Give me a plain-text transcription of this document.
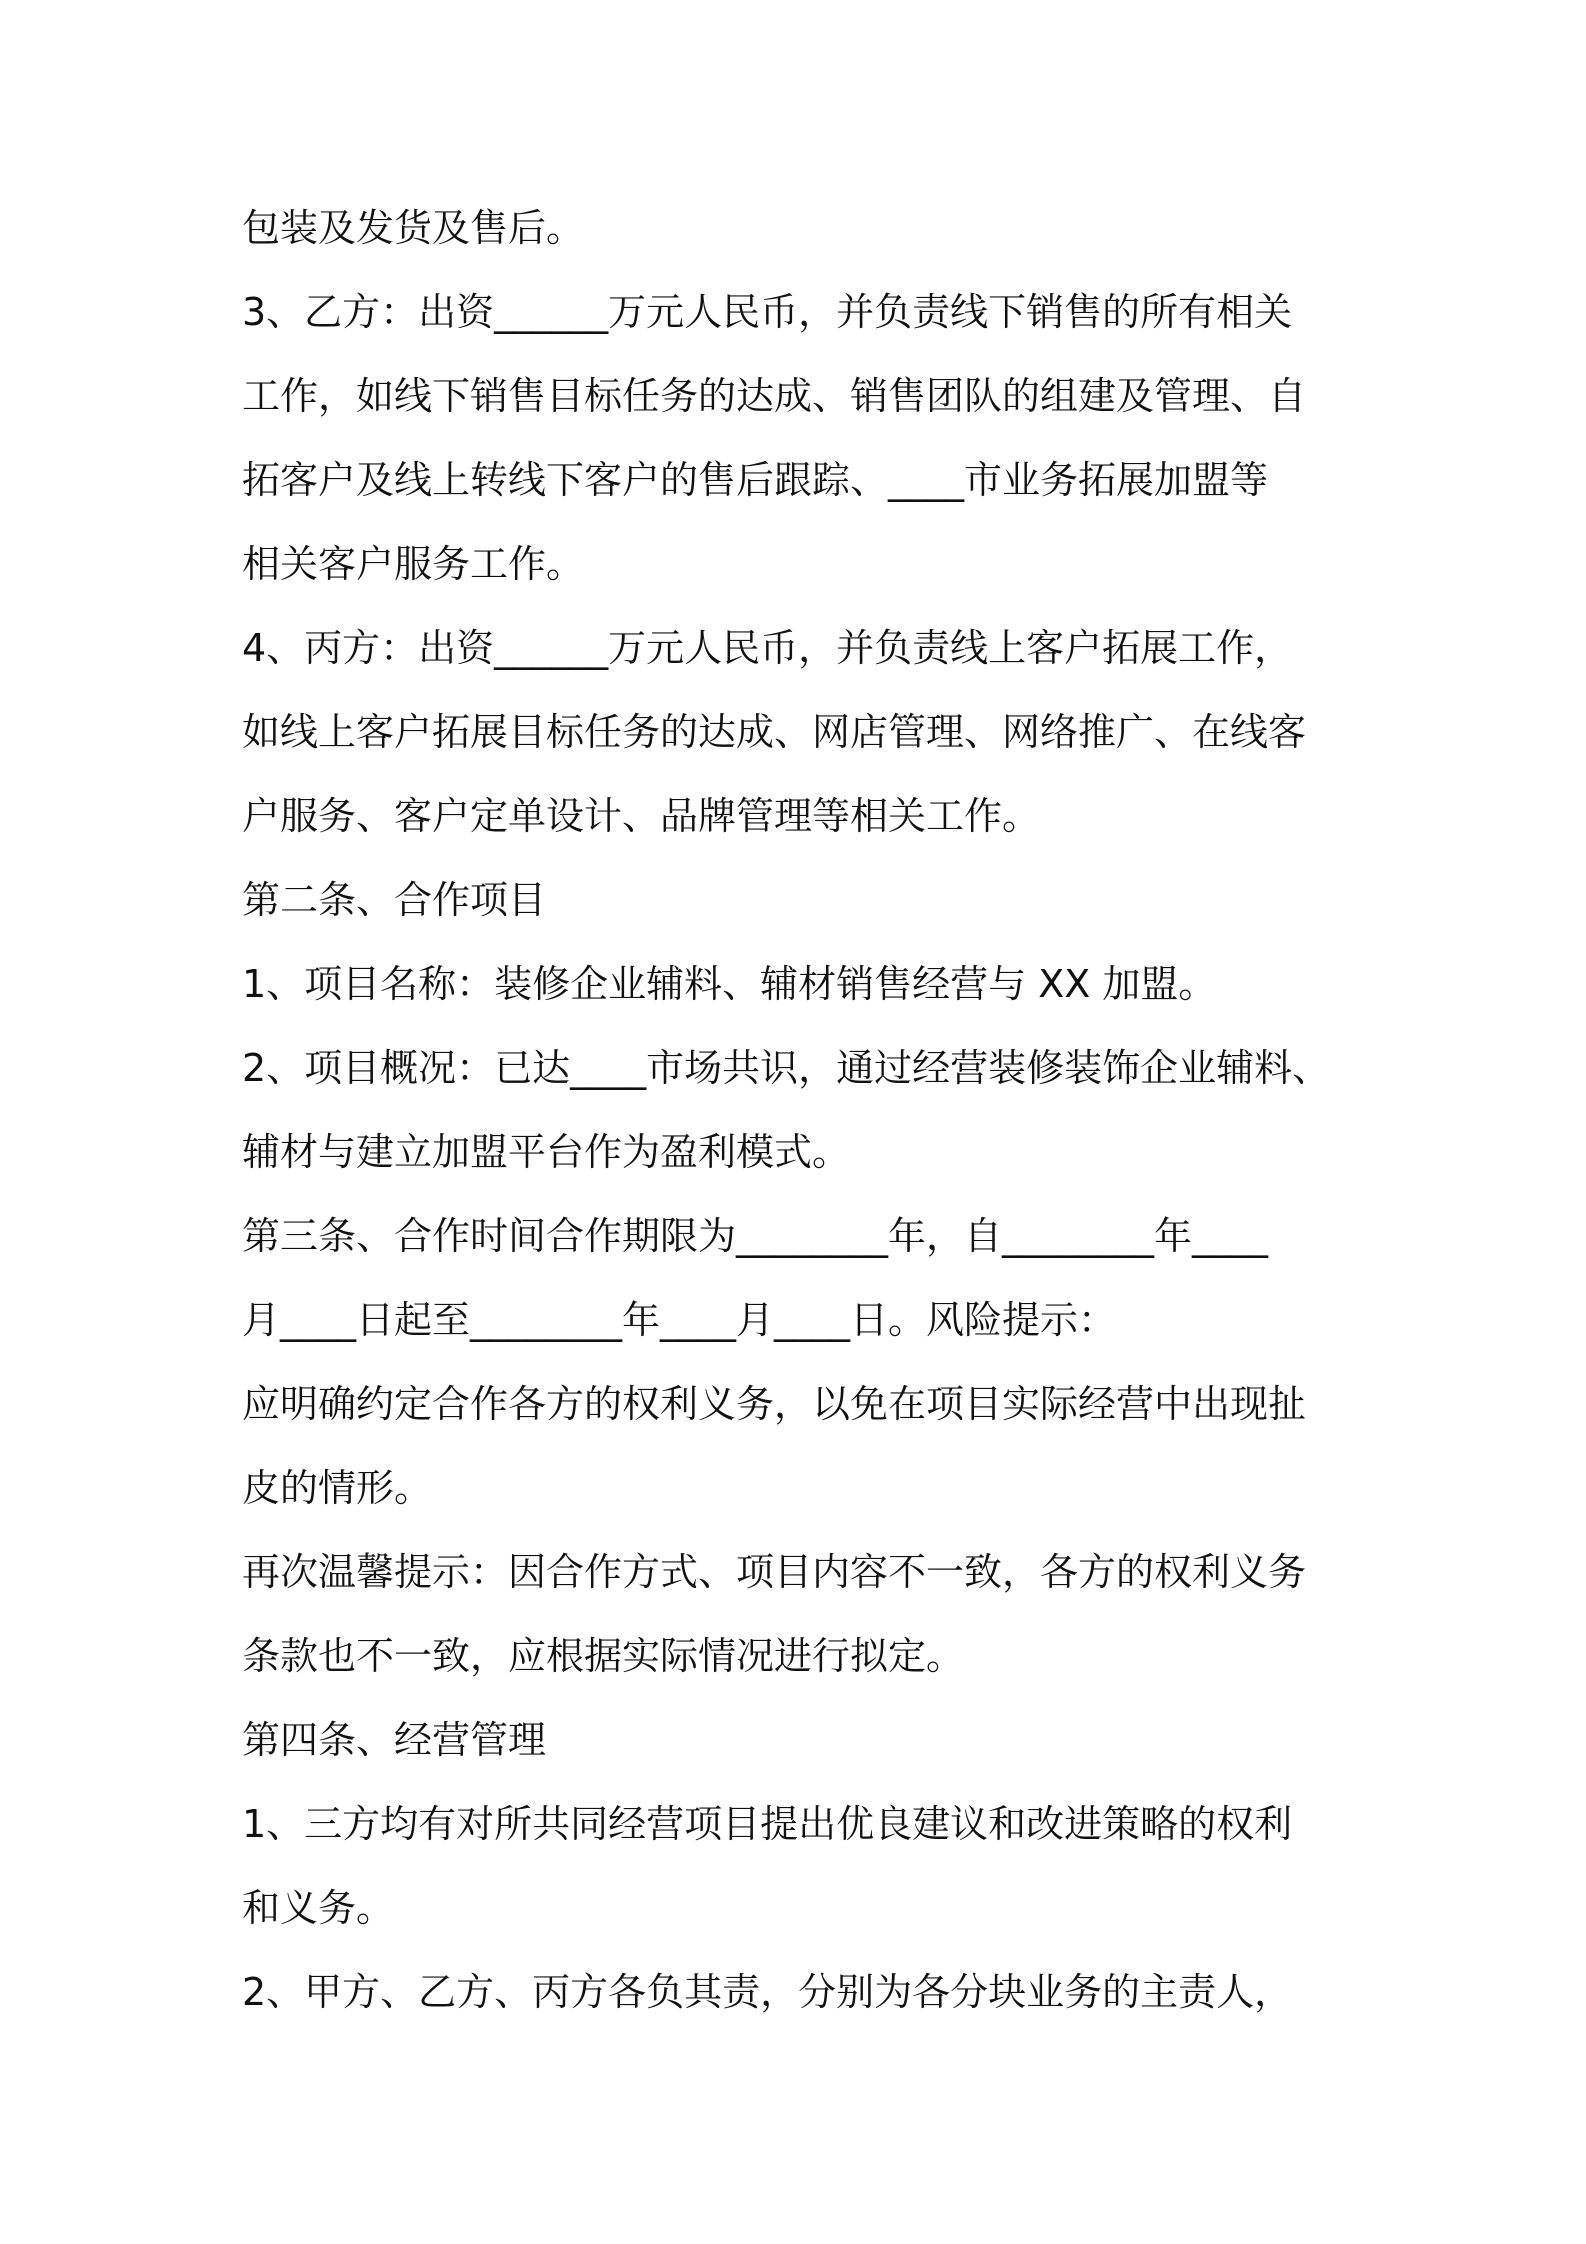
包装及发货及售后。

3、乙方：出资______万元人民币，并负责线下销售的所有相关

工作，如线下销售目标任务的达成、销售团队的组建及管理、自

拓客户及线上转线下客户的售后跟踪、____市业务拓展加盟等

相关客户服务工作。

4、丙方：出资______万元人民币，并负责线上客户拓展工作，

如线上客户拓展目标任务的达成、网店管理、网络推广、在线客

户服务、客户定单设计、品牌管理等相关工作。

第二条、合作项目

1、项目名称：装修企业辅料、辅材销售经营与 XX 加盟。

2、项目概况：已达____市场共识，通过经营装修装饰企业辅料、

辅材与建立加盟平台作为盈利模式。

第三条、合作时间合作期限为________年，自________年____

月____日起至________年____月____日。风险提示：

应明确约定合作各方的权利义务，以免在项目实际经营中出现扯

皮的情形。

再次温馨提示：因合作方式、项目内容不一致，各方的权利义务

条款也不一致，应根据实际情况进行拟定。

第四条、经营管理

1、三方均有对所共同经营项目提出优良建议和改进策略的权利

和义务。

2、甲方、乙方、丙方各负其责，分别为各分块业务的主责人，
